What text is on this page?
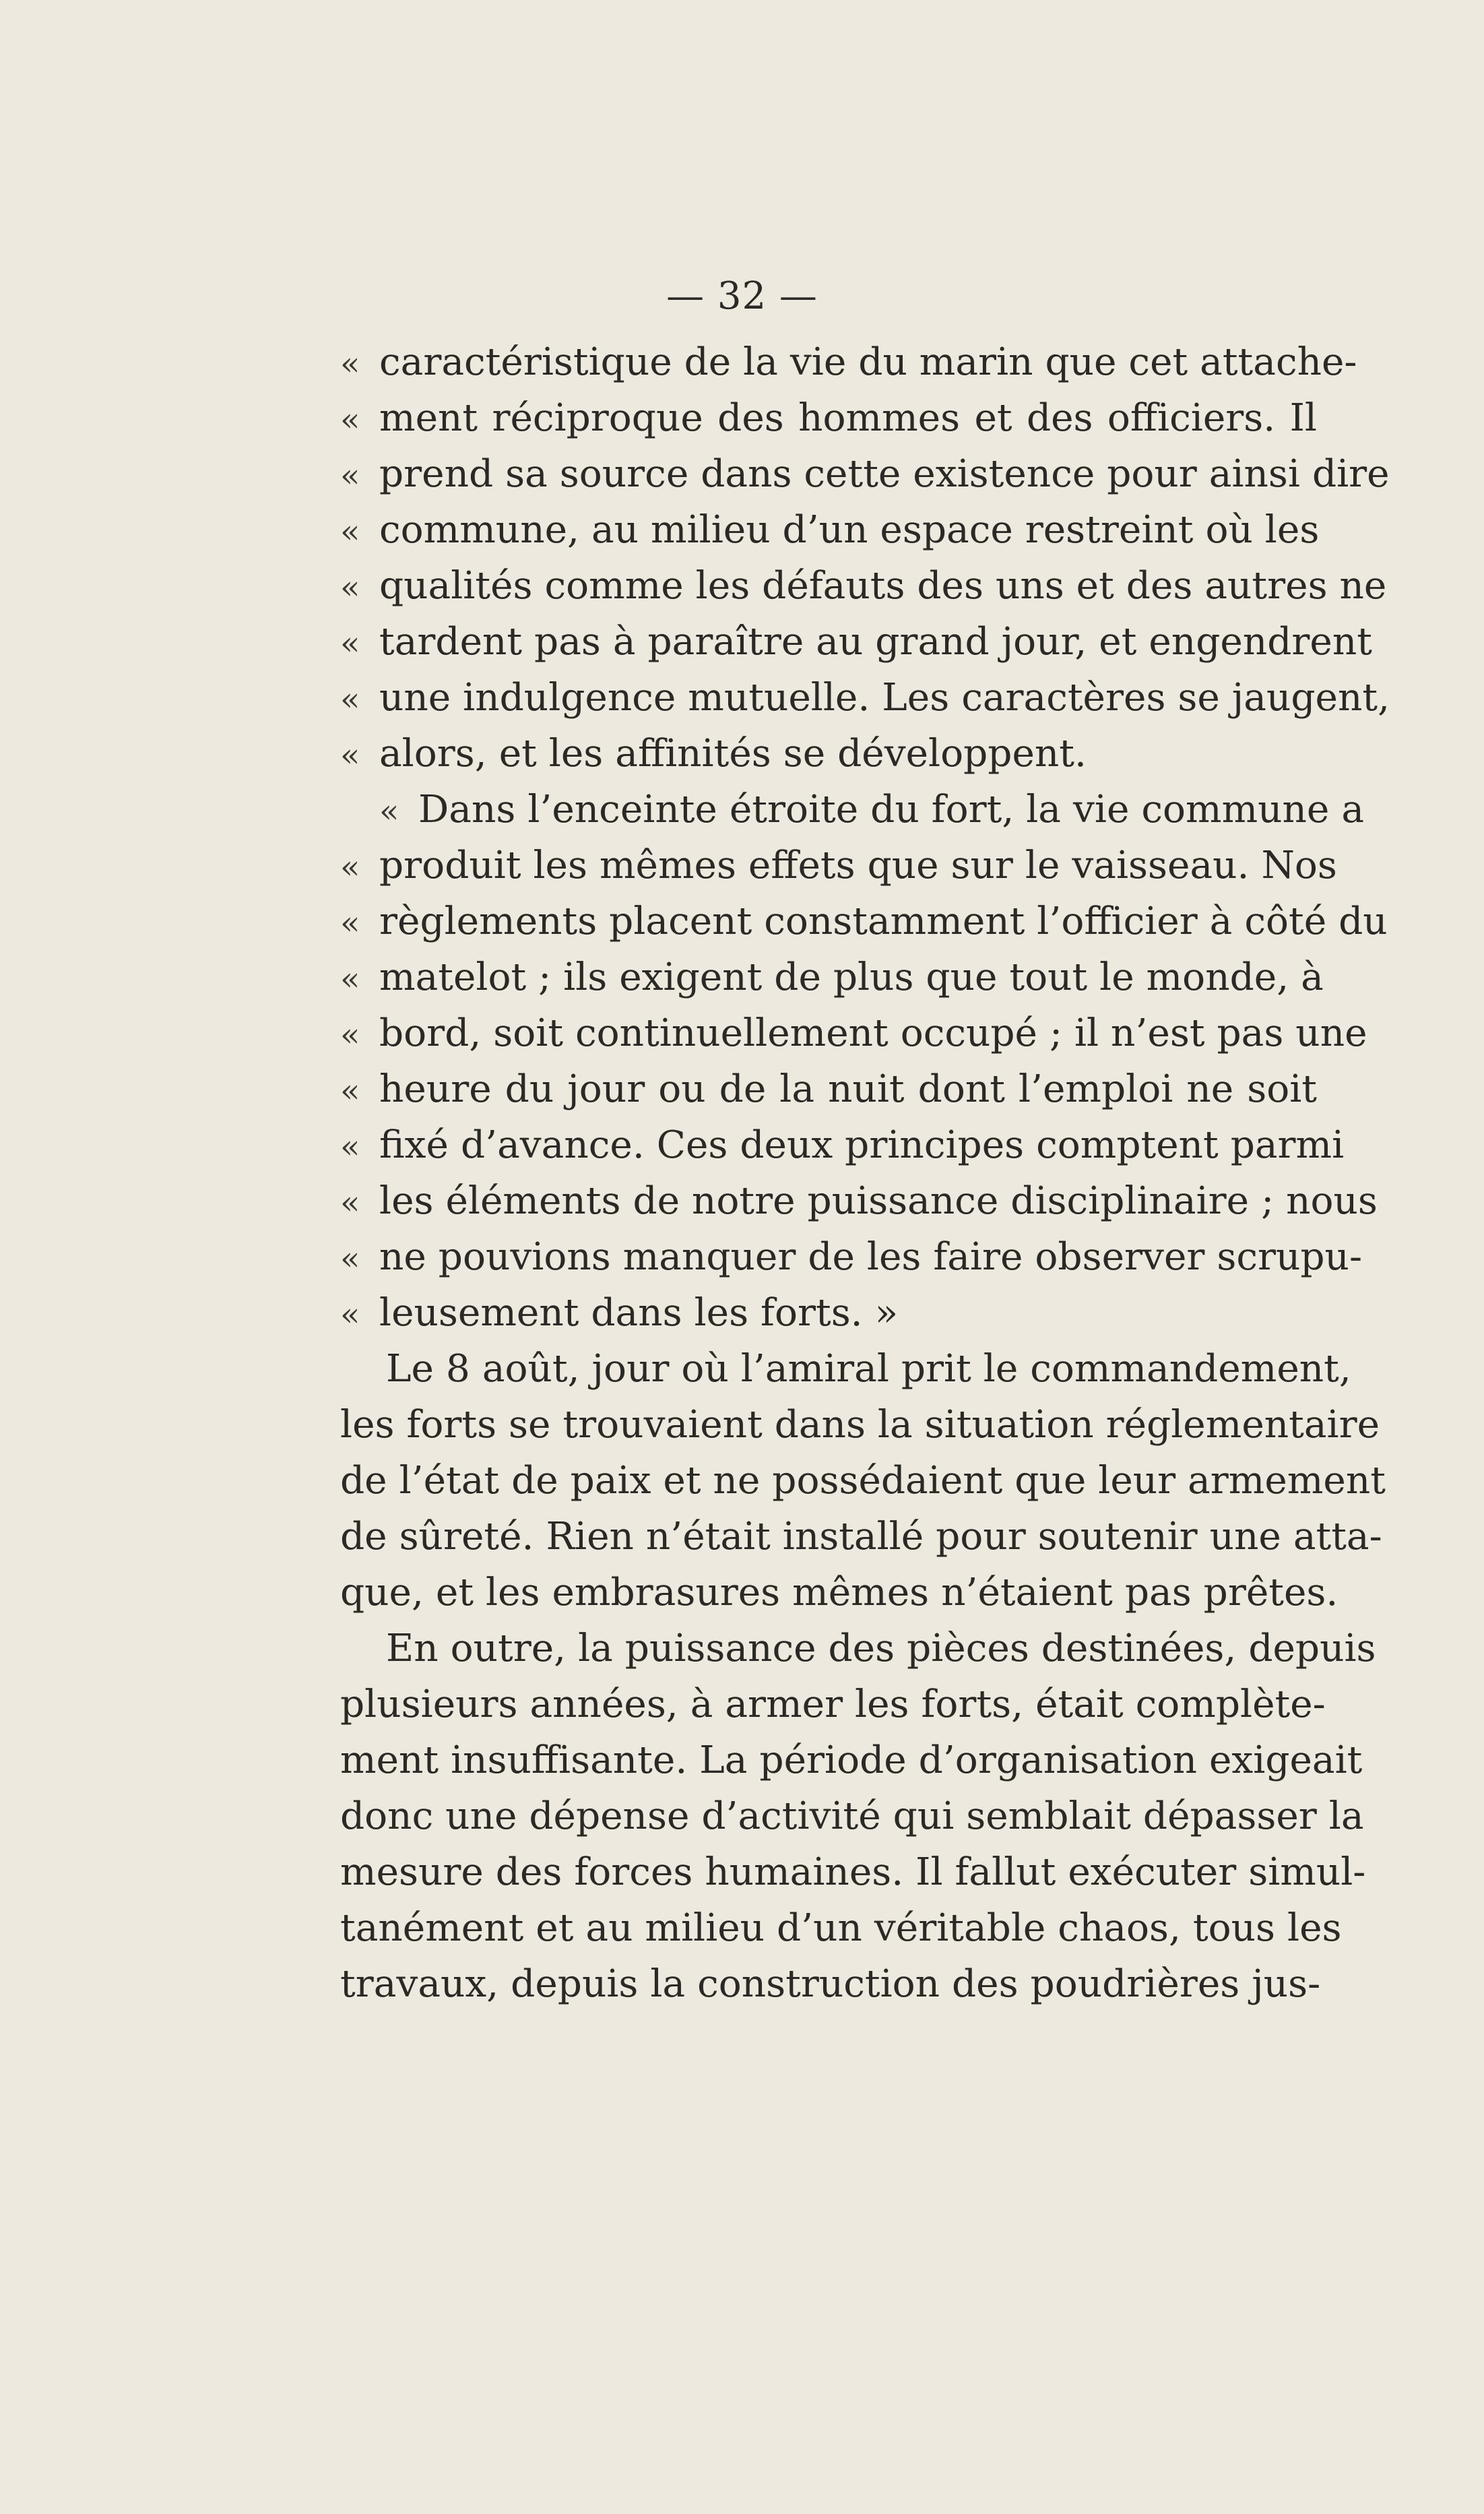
— 32 —
« caractéristique de la vie du marin que cet attache-
« ment réciproque des hommes et des officiers. Il
« prend sa source dans cette existence pour ainsi dire
« commune, au milieu d’un espace restreint où les
« qualités comme les défauts des uns et des autres ne
« tardent pas à paraître au grand jour, et engendrent
« une indulgence mutuelle. Les caractères se jaugent,
« alors, et les affinités se développent.
« Dans l’enceinte étroite du fort, la vie commune a
« produit les mêmes effets que sur le vaisseau. Nos
« règlements placent constamment l’officier à côté du
« matelot ; ils exigent de plus que tout le monde, à
« bord, soit continuellement occupé ; il n’est pas une
« heure du jour ou de la nuit dont l’emploi ne soit
« fixé d’avance. Ces deux principes comptent parmi
« les éléments de notre puissance disciplinaire ; nous
« ne pouvions manquer de les faire observer scrupu-
« leusement dans les forts. »
Le 8 août, jour où l’amiral prit le commandement,
les forts se trouvaient dans la situation réglementaire
de l’état de paix et ne possédaient que leur armement
de sûreté. Rien n’était installé pour soutenir une atta-
que, et les embrasures mêmes n’étaient pas prêtes.
En outre, la puissance des pièces destinées, depuis
plusieurs années, à armer les forts, était complète-
ment insuffisante. La période d’organisation exigeait
donc une dépense d’activité qui semblait dépasser la
mesure des forces humaines. Il fallut exécuter simul-
tanément et au milieu d’un véritable chaos, tous les
travaux, depuis la construction des poudrières jus-
